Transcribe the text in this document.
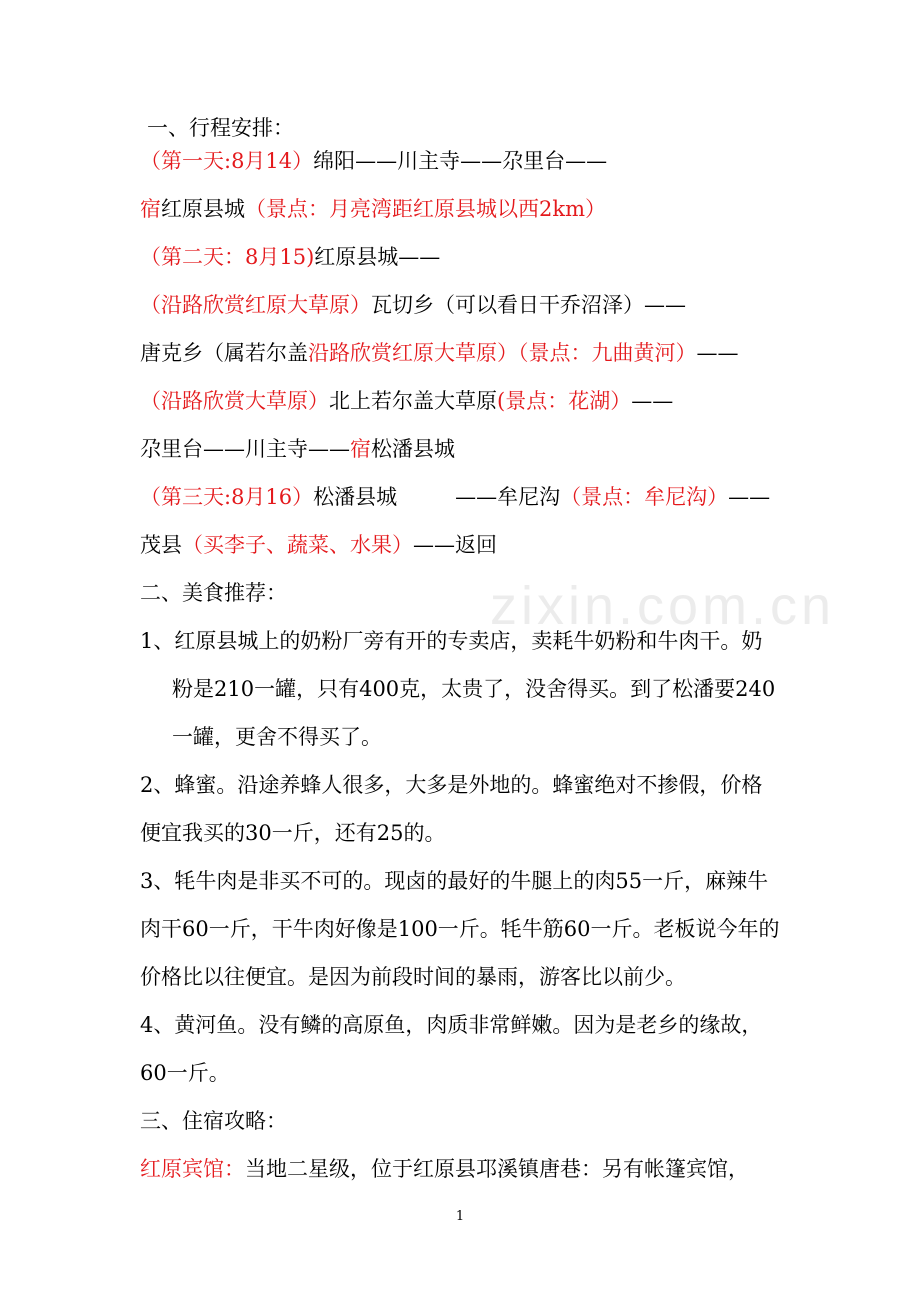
zixin.com.cn
一、行程安排：
（第一天:8月14）绵阳——川主寺——尕里台——
宿红原县城（景点：月亮湾距红原县城以西2km）
（第二天：8月15)红原县城——
（沿路欣赏红原大草原）瓦切乡（可以看日干乔沼泽）——
唐克乡（属若尔盖沿路欣赏红原大草原）（景点：九曲黄河）——
（沿路欣赏大草原）北上若尔盖大草原(景点：花湖）——
尕里台——川主寺——宿松潘县城
（第三天:8月16）松潘县城	——牟尼沟（景点：牟尼沟）——
茂县（买李子、蔬菜、水果）——返回
二、美食推荐：
1、红原县城上的奶粉厂旁有开的专卖店，卖耗牛奶粉和牛肉干。奶
粉是210一罐，只有400克，太贵了，没舍得买。到了松潘要240
一罐，更舍不得买了。
2、蜂蜜。沿途养蜂人很多，大多是外地的。蜂蜜绝对不掺假，价格
便宜我买的30一斤，还有25的。
3、牦牛肉是非买不可的。现卤的最好的牛腿上的肉55一斤，麻辣牛
肉干60一斤，干牛肉好像是100一斤。牦牛筋60一斤。老板说今年的
价格比以往便宜。是因为前段时间的暴雨，游客比以前少。
4、黄河鱼。没有鳞的高原鱼，肉质非常鲜嫩。因为是老乡的缘故，
60一斤。
三、住宿攻略：
红原宾馆：当地二星级，位于红原县邛溪镇唐巷：另有帐篷宾馆，
1
